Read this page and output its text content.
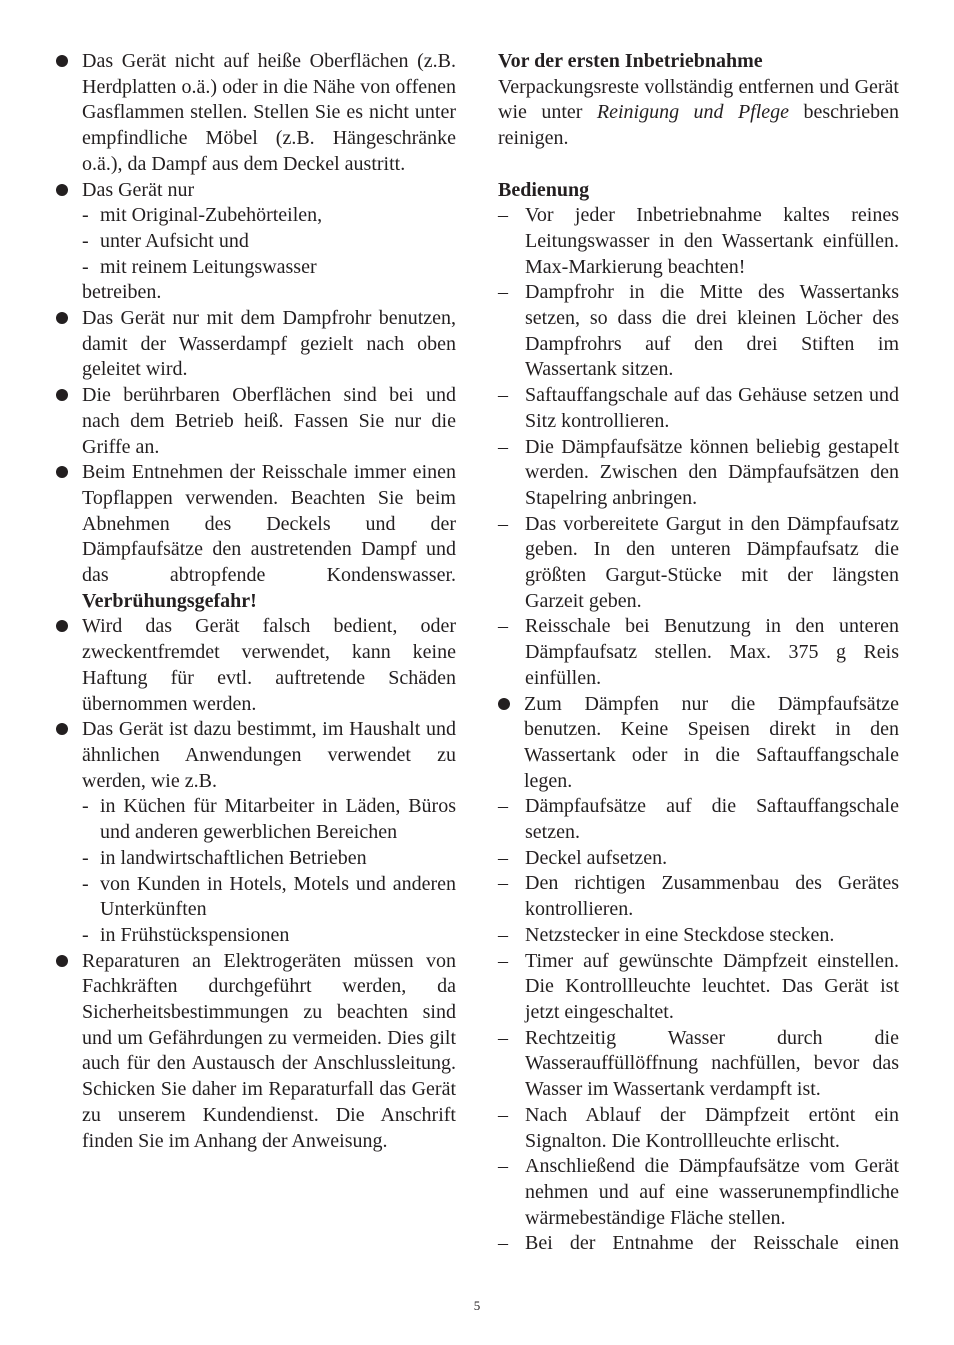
Das Gerät nicht auf heiße Oberflächen (z.B. Herdplatten o.ä.) oder in die Nähe von offenen Gasflammen stellen. Stellen Sie es nicht unter empfindliche Möbel (z.B. Hängeschränke o.ä.), da Dampf aus dem Deckel austritt.
Das Gerät nur
- mit Original-Zubehörteilen,
- unter Aufsicht und
- mit reinem Leitungswasser
betreiben.
Das Gerät nur mit dem Dampfrohr benutzen, damit der Wasserdampf gezielt nach oben geleitet wird.
Die berührbaren Oberflächen sind bei und nach dem Betrieb heiß. Fassen Sie nur die Griffe an.
Beim Entnehmen der Reisschale immer einen Topflappen verwenden. Beachten Sie beim Abnehmen des Deckels und der Dämpfaufsätze den austretenden Dampf und das abtropfende Kondenswasser. Verbrühungsgefahr!
Wird das Gerät falsch bedient, oder zweckentfremdet verwendet, kann keine Haftung für evtl. auftretende Schäden übernommen werden.
Das Gerät ist dazu bestimmt, im Haushalt und ähnlichen Anwendungen verwendet zu werden, wie z.B.
- in Küchen für Mitarbeiter in Läden, Büros und anderen gewerblichen Bereichen
- in landwirtschaftlichen Betrieben
- von Kunden in Hotels, Motels und anderen Unterkünften
- in Frühstückspensionen
Reparaturen an Elektrogeräten müssen von Fachkräften durchgeführt werden, da Sicherheitsbestimmungen zu beachten sind und um Gefährdungen zu vermeiden. Dies gilt auch für den Austausch der Anschlussleitung. Schicken Sie daher im Reparaturfall das Gerät zu unserem Kundendienst. Die Anschrift finden Sie im Anhang der Anweisung.

Vor der ersten Inbetriebnahme

Verpackungsreste vollständig entfernen und Gerät wie unter Reinigung und Pflege beschrieben reinigen.

Bedienung

– Vor jeder Inbetriebnahme kaltes reines Leitungswasser in den Wassertank einfüllen. Max-Markierung beachten!
– Dampfrohr in die Mitte des Wassertanks setzen, so dass die drei kleinen Löcher des Dampfrohrs auf den drei Stiften im Wassertank sitzen.
– Saftauffangschale auf das Gehäuse setzen und Sitz kontrollieren.
– Die Dämpfaufsätze können beliebig gestapelt werden. Zwischen den Dämpfaufsätzen den Stapelring anbringen.
– Das vorbereitete Gargut in den Dämpfaufsatz geben. In den unteren Dämpfaufsatz die größten Gargut-Stücke mit der längsten Garzeit geben.
– Reisschale bei Benutzung in den unteren Dämpfaufsatz stellen. Max. 375 g Reis einfüllen.
Zum Dämpfen nur die Dämpfaufsätze benutzen. Keine Speisen direkt in den Wassertank oder in die Saftauffangschale legen.
– Dämpfaufsätze auf die Saftauffangschale setzen.
– Deckel aufsetzen.
– Den richtigen Zusammenbau des Gerätes kontrollieren.
– Netzstecker in eine Steckdose stecken.
– Timer auf gewünschte Dämpfzeit einstellen. Die Kontrollleuchte leuchtet. Das Gerät ist jetzt eingeschaltet.
– Rechtzeitig Wasser durch die Wasserauffüllöffnung nachfüllen, bevor das Wasser im Wassertank verdampft ist.
– Nach Ablauf der Dämpfzeit ertönt ein Signalton. Die Kontrollleuchte erlischt.
– Anschließend die Dämpfaufsätze vom Gerät nehmen und auf eine wasserunempfindliche wärmebeständige Fläche stellen.
– Bei der Entnahme der Reisschale einen
5
